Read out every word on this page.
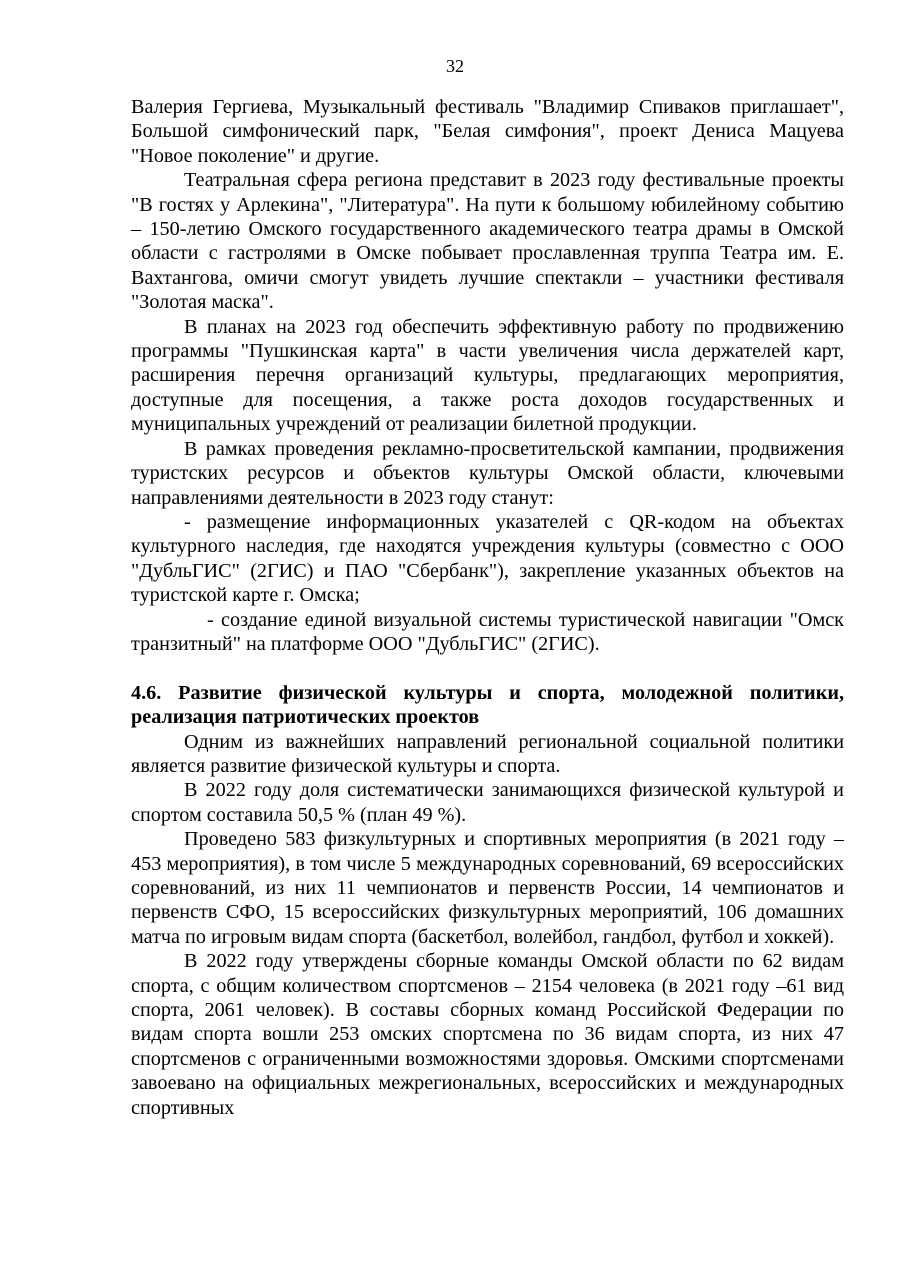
32

Валерия Гергиева, Музыкальный фестиваль "Владимир Спиваков приглашает", Большой симфонический парк, "Белая симфония", проект Дениса Мацуева "Новое поколение" и другие.

Театральная сфера региона представит в 2023 году фестивальные проекты "В гостях у Арлекина", "Литература". На пути к большому юбилейному событию – 150-летию Омского государственного академического театра драмы в Омской области с гастролями в Омске побывает прославленная труппа Театра им. Е. Вахтангова, омичи смогут увидеть лучшие спектакли – участники фестиваля "Золотая маска".

В планах на 2023 год обеспечить эффективную работу по продвижению программы "Пушкинская карта" в части увеличения числа держателей карт, расширения перечня организаций культуры, предлагающих мероприятия, доступные для посещения, а также роста доходов государственных и муниципальных учреждений от реализации билетной продукции.

В рамках проведения рекламно-просветительской кампании, продвижения туристских ресурсов и объектов культуры Омской области, ключевыми направлениями деятельности в 2023 году станут:

- размещение информационных указателей с QR-кодом на объектах культурного наследия, где находятся учреждения культуры (совместно с ООО "ДубльГИС" (2ГИС) и ПАО "Сбербанк"), закрепление указанных объектов на туристской карте г. Омска;

- создание единой визуальной системы туристической навигации "Омск транзитный" на платформе ООО "ДубльГИС" (2ГИС).

4.6. Развитие физической культуры и спорта, молодежной политики, реализация патриотических проектов

Одним из важнейших направлений региональной социальной политики является развитие физической культуры и спорта.

В 2022 году доля систематически занимающихся физической культурой и спортом составила 50,5 % (план 49 %).

Проведено 583 физкультурных и спортивных мероприятия (в 2021 году – 453 мероприятия), в том числе 5 международных соревнований, 69 всероссийских соревнований, из них 11 чемпионатов и первенств России, 14 чемпионатов и первенств СФО, 15 всероссийских физкультурных мероприятий, 106 домашних матча по игровым видам спорта (баскетбол, волейбол, гандбол, футбол и хоккей).

В 2022 году утверждены сборные команды Омской области по 62 видам спорта, с общим количеством спортсменов – 2154 человека (в 2021 году –61 вид спорта, 2061 человек). В составы сборных команд Российской Федерации по видам спорта вошли 253 омских спортсмена по 36 видам спорта, из них 47 спортсменов с ограниченными возможностями здоровья. Омскими спортсменами завоевано на официальных межрегиональных, всероссийских и международных спортивных
